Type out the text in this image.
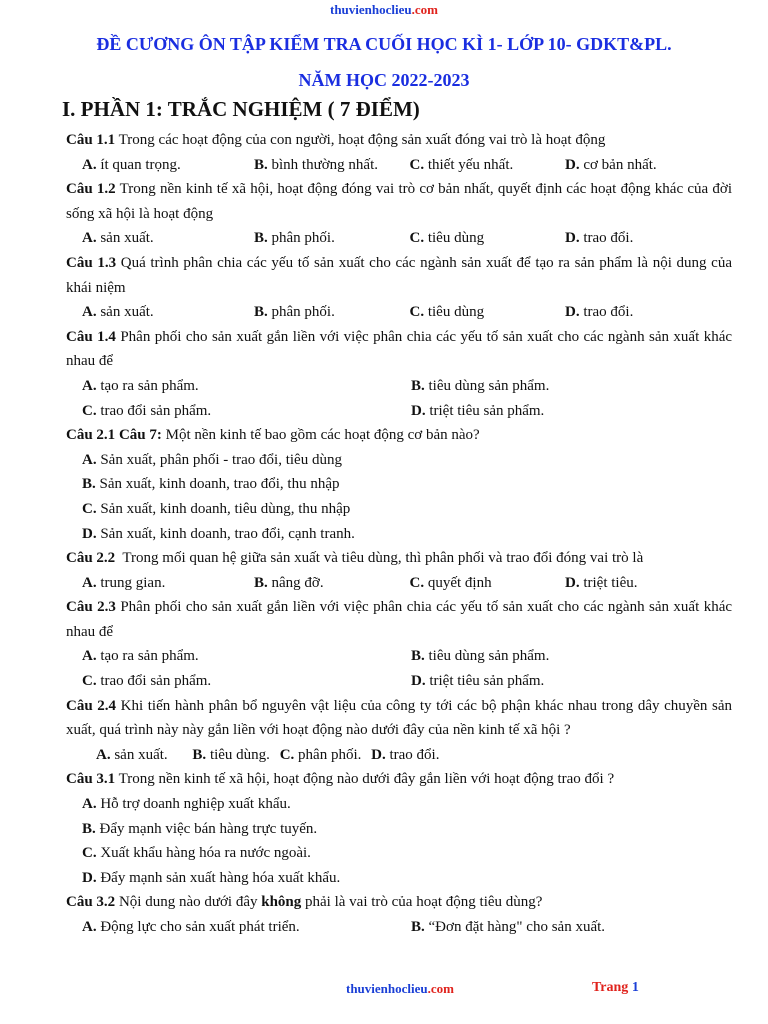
thuvienhoclieu.com
ĐỀ CƯƠNG ÔN TẬP KIỂM TRA CUỐI HỌC KÌ 1- LỚP 10- GDKT&PL.
NĂM HỌC 2022-2023
I. PHẦN 1: TRẮC NGHIỆM ( 7 ĐIỂM)
Câu 1.1 Trong các hoạt động của con người, hoạt động sản xuất đóng vai trò là hoạt động
A. ít quan trọng.	B. bình thường nhất.	C. thiết yếu nhất.	D. cơ bản nhất.
Câu 1.2 Trong nền kinh tế xã hội, hoạt động đóng vai trò cơ bản nhất, quyết định các hoạt động khác của đời sống xã hội là hoạt động
A. sản xuất.	B. phân phối.	C. tiêu dùng	D. trao đổi.
Câu 1.3 Quá trình phân chia các yếu tố sản xuất cho các ngành sản xuất để tạo ra sản phẩm là nội dung của khái niệm
A. sản xuất.	B. phân phối.	C. tiêu dùng	D. trao đổi.
Câu 1.4 Phân phối cho sản xuất gắn liền với việc phân chia các yếu tố sản xuất cho các ngành sản xuất khác nhau để
A. tạo ra sản phẩm.	B. tiêu dùng sản phẩm.
C. trao đổi sản phẩm.	D. triệt tiêu sản phẩm.
Câu 2.1 Câu 7: Một nền kinh tế bao gồm các hoạt động cơ bản nào?
A. Sản xuất, phân phối - trao đổi, tiêu dùng
B. Sản xuất, kinh doanh, trao đổi, thu nhập
C. Sản xuất, kinh doanh, tiêu dùng, thu nhập
D. Sản xuất, kinh doanh, trao đổi, cạnh tranh.
Câu 2.2 Trong mối quan hệ giữa sản xuất và tiêu dùng, thì phân phối và trao đổi đóng vai trò là
A. trung gian.	B. nâng đỡ.	C. quyết định	D. triệt tiêu.
Câu 2.3 Phân phối cho sản xuất gắn liền với việc phân chia các yếu tố sản xuất cho các ngành sản xuất khác nhau để
A. tạo ra sản phẩm.	B. tiêu dùng sản phẩm.
C. trao đổi sản phẩm.	D. triệt tiêu sản phẩm.
Câu 2.4 Khi tiến hành phân bổ nguyên vật liệu của công ty tới các bộ phận khác nhau trong dây chuyền sản xuất, quá trình này này gắn liền với hoạt động nào dưới đây của nền kinh tế xã hội ?
A. sản xuất. B. tiêu dùng. C. phân phối. D. trao đổi.
Câu 3.1 Trong nền kinh tế xã hội, hoạt động nào dưới đây gắn liền với hoạt động trao đổi ?
A. Hỗ trợ doanh nghiệp xuất khẩu.
B. Đẩy mạnh việc bán hàng trực tuyến.
C. Xuất khẩu hàng hóa ra nước ngoài.
D. Đẩy mạnh sản xuất hàng hóa xuất khẩu.
Câu 3.2 Nội dung nào dưới đây không phải là vai trò của hoạt động tiêu dùng?
A. Động lực cho sản xuất phát triển.	B. “Đơn đặt hàng" cho sản xuất.
thuvienhoclieu.com	Trang 1
